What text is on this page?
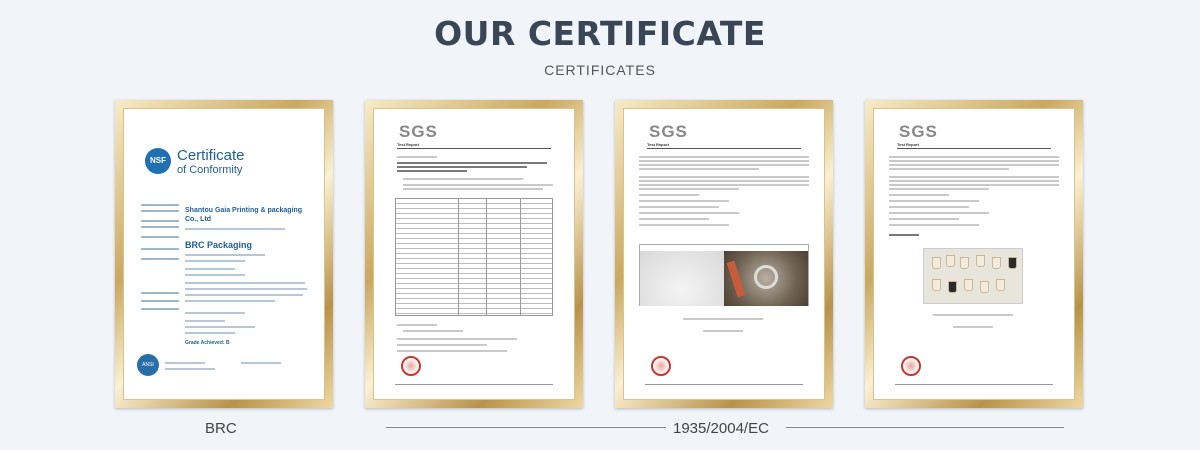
OUR CERTIFICATE
CERTIFICATES
NSF Certificate
of Conformity
Shantou Gaia Printing & packaging Co., Ltd
BRC Packaging
Grade Achieved: B
ANSI
SGS
Test Report
SGS
Test Report
SGS
Test Report
BRC	1935/2004/EC
